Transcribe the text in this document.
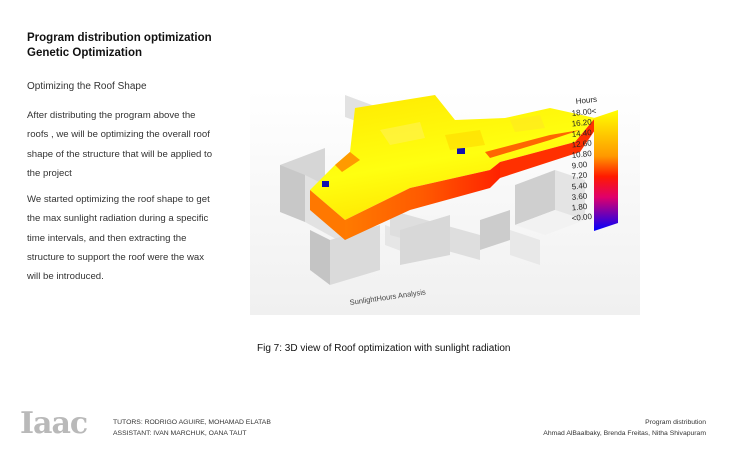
Program distribution optimization
Genetic Optimization
Optimizing the Roof Shape
After distributing the program above the roofs , we will be optimizing the overall roof shape of the structure that will be applied to the project
We started optimizing the roof shape to get the max sunlight radiation during a specific time intervals, and then extracting the structure to support the roof were the wax will be introduced.
Hours
18.00<
16.20
14.40
12.60
10.80
9.00
7.20
5.40
3.60
1.80
<0.00
SunlightHours Analysis
Fig 7: 3D view of Roof optimization with sunlight radiation
Iaac	TUTORS: RODRIGO AGUIRE, MOHAMAD ELATAB
ASSISTANT: IVAN MARCHUK, OANA TAUT
Program distribution
Ahmad AlBaalbaky, Brenda Freitas, Nitha Shivapuram
